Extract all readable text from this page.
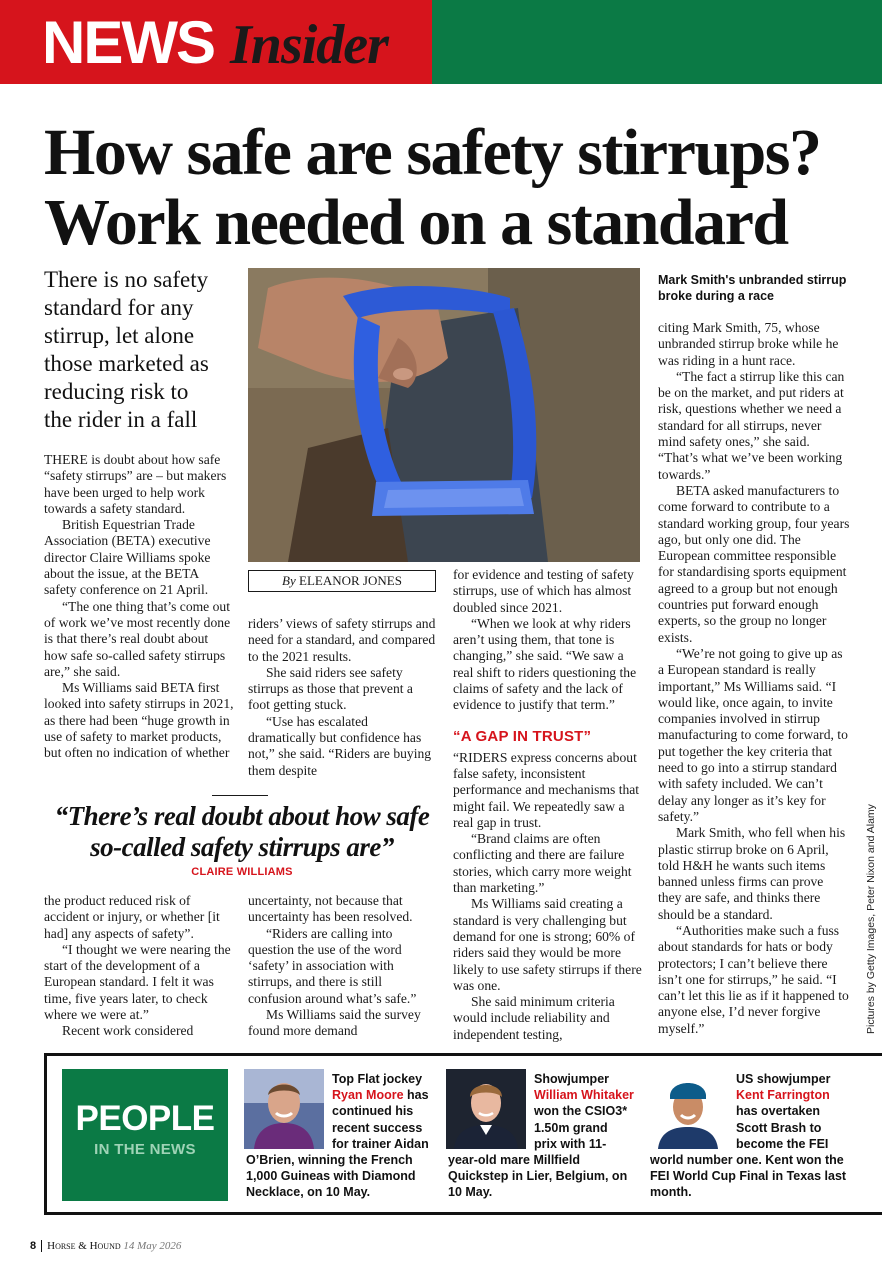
NEWS Insider
How safe are safety stirrups?
Work needed on a standard
There is no safety
standard for any
stirrup, let alone
those marketed as
reducing risk to
the rider in a fall
Mark Smith's unbranded stirrup broke during a race
By ELEANOR JONES

THERE is doubt about how safe “safety stirrups” are – but makers have been urged to help work towards a safety standard.

British Equestrian Trade Association (BETA) executive director Claire Williams spoke about the issue, at the BETA safety conference on 21 April.

“The one thing that’s come out of work we’ve most recently done is that there’s real doubt about how safe so-called safety stirrups are,” she said.

Ms Williams said BETA first looked into safety stirrups in 2021, as there had been “huge growth in use of safety to market products, but often no indication of whether

riders’ views of safety stirrups and need for a standard, and compared to the 2021 results.

She said riders see safety stirrups as those that prevent a foot getting stuck.

“Use has escalated dramatically but confidence has not,” she said. “Riders are buying them despite

for evidence and testing of safety stirrups, use of which has almost doubled since 2021.

“When we look at why riders aren’t using them, that tone is changing,” she said. “We saw a real shift to riders questioning the claims of safety and the lack of evidence to justify that term.”

“A GAP IN TRUST”

“RIDERS express concerns about false safety, inconsistent performance and mechanisms that might fail. We repeatedly saw a real gap in trust.

“Brand claims are often conflicting and there are failure stories, which carry more weight than marketing.”

Ms Williams said creating a standard is very challenging but demand for one is strong; 60% of riders said they would be more likely to use safety stirrups if there was one.

She said minimum criteria would include reliability and independent testing,

citing Mark Smith, 75, whose unbranded stirrup broke while he was riding in a hunt race.

“The fact a stirrup like this can be on the market, and put riders at risk, questions whether we need a standard for all stirrups, never mind safety ones,” she said. “That’s what we’ve been working towards.”

BETA asked manufacturers to come forward to contribute to a standard working group, four years ago, but only one did. The European committee responsible for standardising sports equipment agreed to a group but not enough countries put forward enough experts, so the group no longer exists.

“We’re not going to give up as a European standard is really important,” Ms Williams said. “I would like, once again, to invite companies involved in stirrup manufacturing to come forward, to put together the key criteria that need to go into a stirrup standard with safety included. We can’t delay any longer as it’s key for safety.”

Mark Smith, who fell when his plastic stirrup broke on 6 April, told H&H he wants such items banned unless firms can prove they are safe, and thinks there should be a standard.

“Authorities make such a fuss about standards for hats or body protectors; I can’t believe there isn’t one for stirrups,” he said. “I can’t let this lie as if it happened to anyone else, I’d never forgive myself.”

“There’s real doubt about how safe so-called safety stirrups are”
CLAIRE WILLIAMS

the product reduced risk of accident or injury, or whether [it had] any aspects of safety”.

“I thought we were nearing the start of the development of a European standard. I felt it was time, five years later, to check where we were at.”

Recent work considered

uncertainty, not because that uncertainty has been resolved.

“Riders are calling into question the use of the word ‘safety’ in association with stirrups, and there is still confusion around what’s safe.”

Ms Williams said the survey found more demand	Pictures by Getty Images, Peter Nixon and Alamy
PEOPLE
IN THE NEWS
Top Flat jockey Ryan Moore has continued his recent success for trainer Aidan O’Brien, winning the French 1,000 Guineas with Diamond Necklace, on 10 May.
Showjumper William Whitaker won the CSIO3* 1.50m grand prix with 11-year-old mare Millfield Quickstep in Lier, Belgium, on 10 May.
US showjumper Kent Farrington has overtaken Scott Brash to become the FEI world number one. Kent won the FEI World Cup Final in Texas last month.
8 Horse & Hound 14 May 2026
